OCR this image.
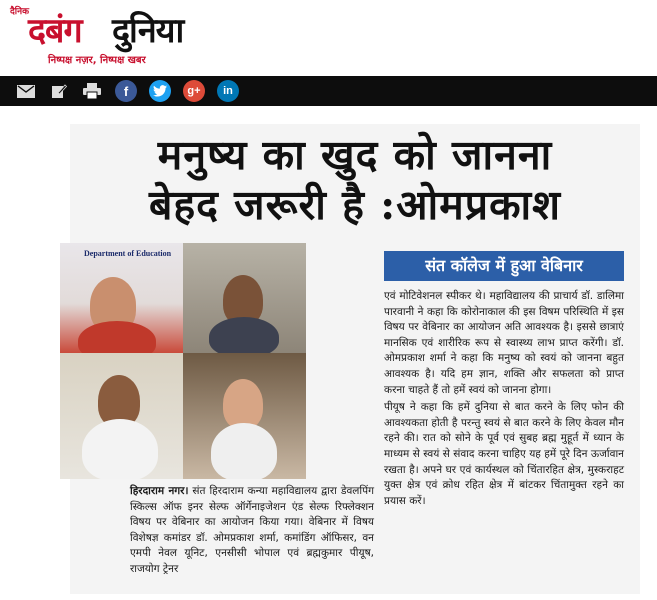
दैनिक
दबंग दुनिया
निष्पक्ष नज़र, निष्पक्ष खबर
f	g+	in
मनुष्य का खुद को जानना
बेहद जरूरी है :ओमप्रकाश
Department of Education
संत कॉलेज में हुआ वेबिनार

एवं मोटिवेशनल स्पीकर थे। महाविद्यालय की प्राचार्य डॉ. डालिमा पारवानी ने कहा कि कोरोनाकाल की इस विषम परिस्थिति में इस विषय पर वेबिनार का आयोजन अति आवश्यक है। इससे छात्राएं मानसिक एवं शारीरिक रूप से स्वास्थ्य लाभ प्राप्त करेंगी। डॉ. ओमप्रकाश शर्मा ने कहा कि मनुष्य को स्वयं को जानना बहुत आवश्यक है। यदि हम ज्ञान, शक्ति और सफलता को प्राप्त करना चाहते हैं तो हमें स्वयं को जानना होगा।

पीयूष ने कहा कि हमें दुनिया से बात करने के लिए फोन की आवश्यकता होती है परन्तु स्वयं से बात करने के लिए केवल मौन रहने की। रात को सोने के पूर्व एवं सुबह ब्रह्म मुहूर्त में ध्यान के माध्यम से स्वयं से संवाद करना चाहिए यह हमें पूरे दिन ऊर्जावान रखता है। अपने घर एवं कार्यस्थल को चिंतारहित क्षेत्र, मुस्कराहट युक्त क्षेत्र एवं क्रोध रहित क्षेत्र में बांटकर चिंतामुक्त रहने का प्रयास करें।

हिरदाराम नगर। संत हिरदाराम कन्या महाविद्यालय द्वारा डेवलपिंग स्किल्स ऑफ इनर सेल्फ ऑर्गेनाइजेशन एंड सेल्फ रिफ्लेक्शन विषय पर वेबिनार का आयोजन किया गया। वेबिनार में विषय विशेषज्ञ कमांडर डॉ. ओमप्रकाश शर्मा, कमांडिंग ऑफिसर, वन एमपी नेवल यूनिट, एनसीसी भोपाल एवं ब्रह्मकुमार पीयूष, राजयोग ट्रेनर
